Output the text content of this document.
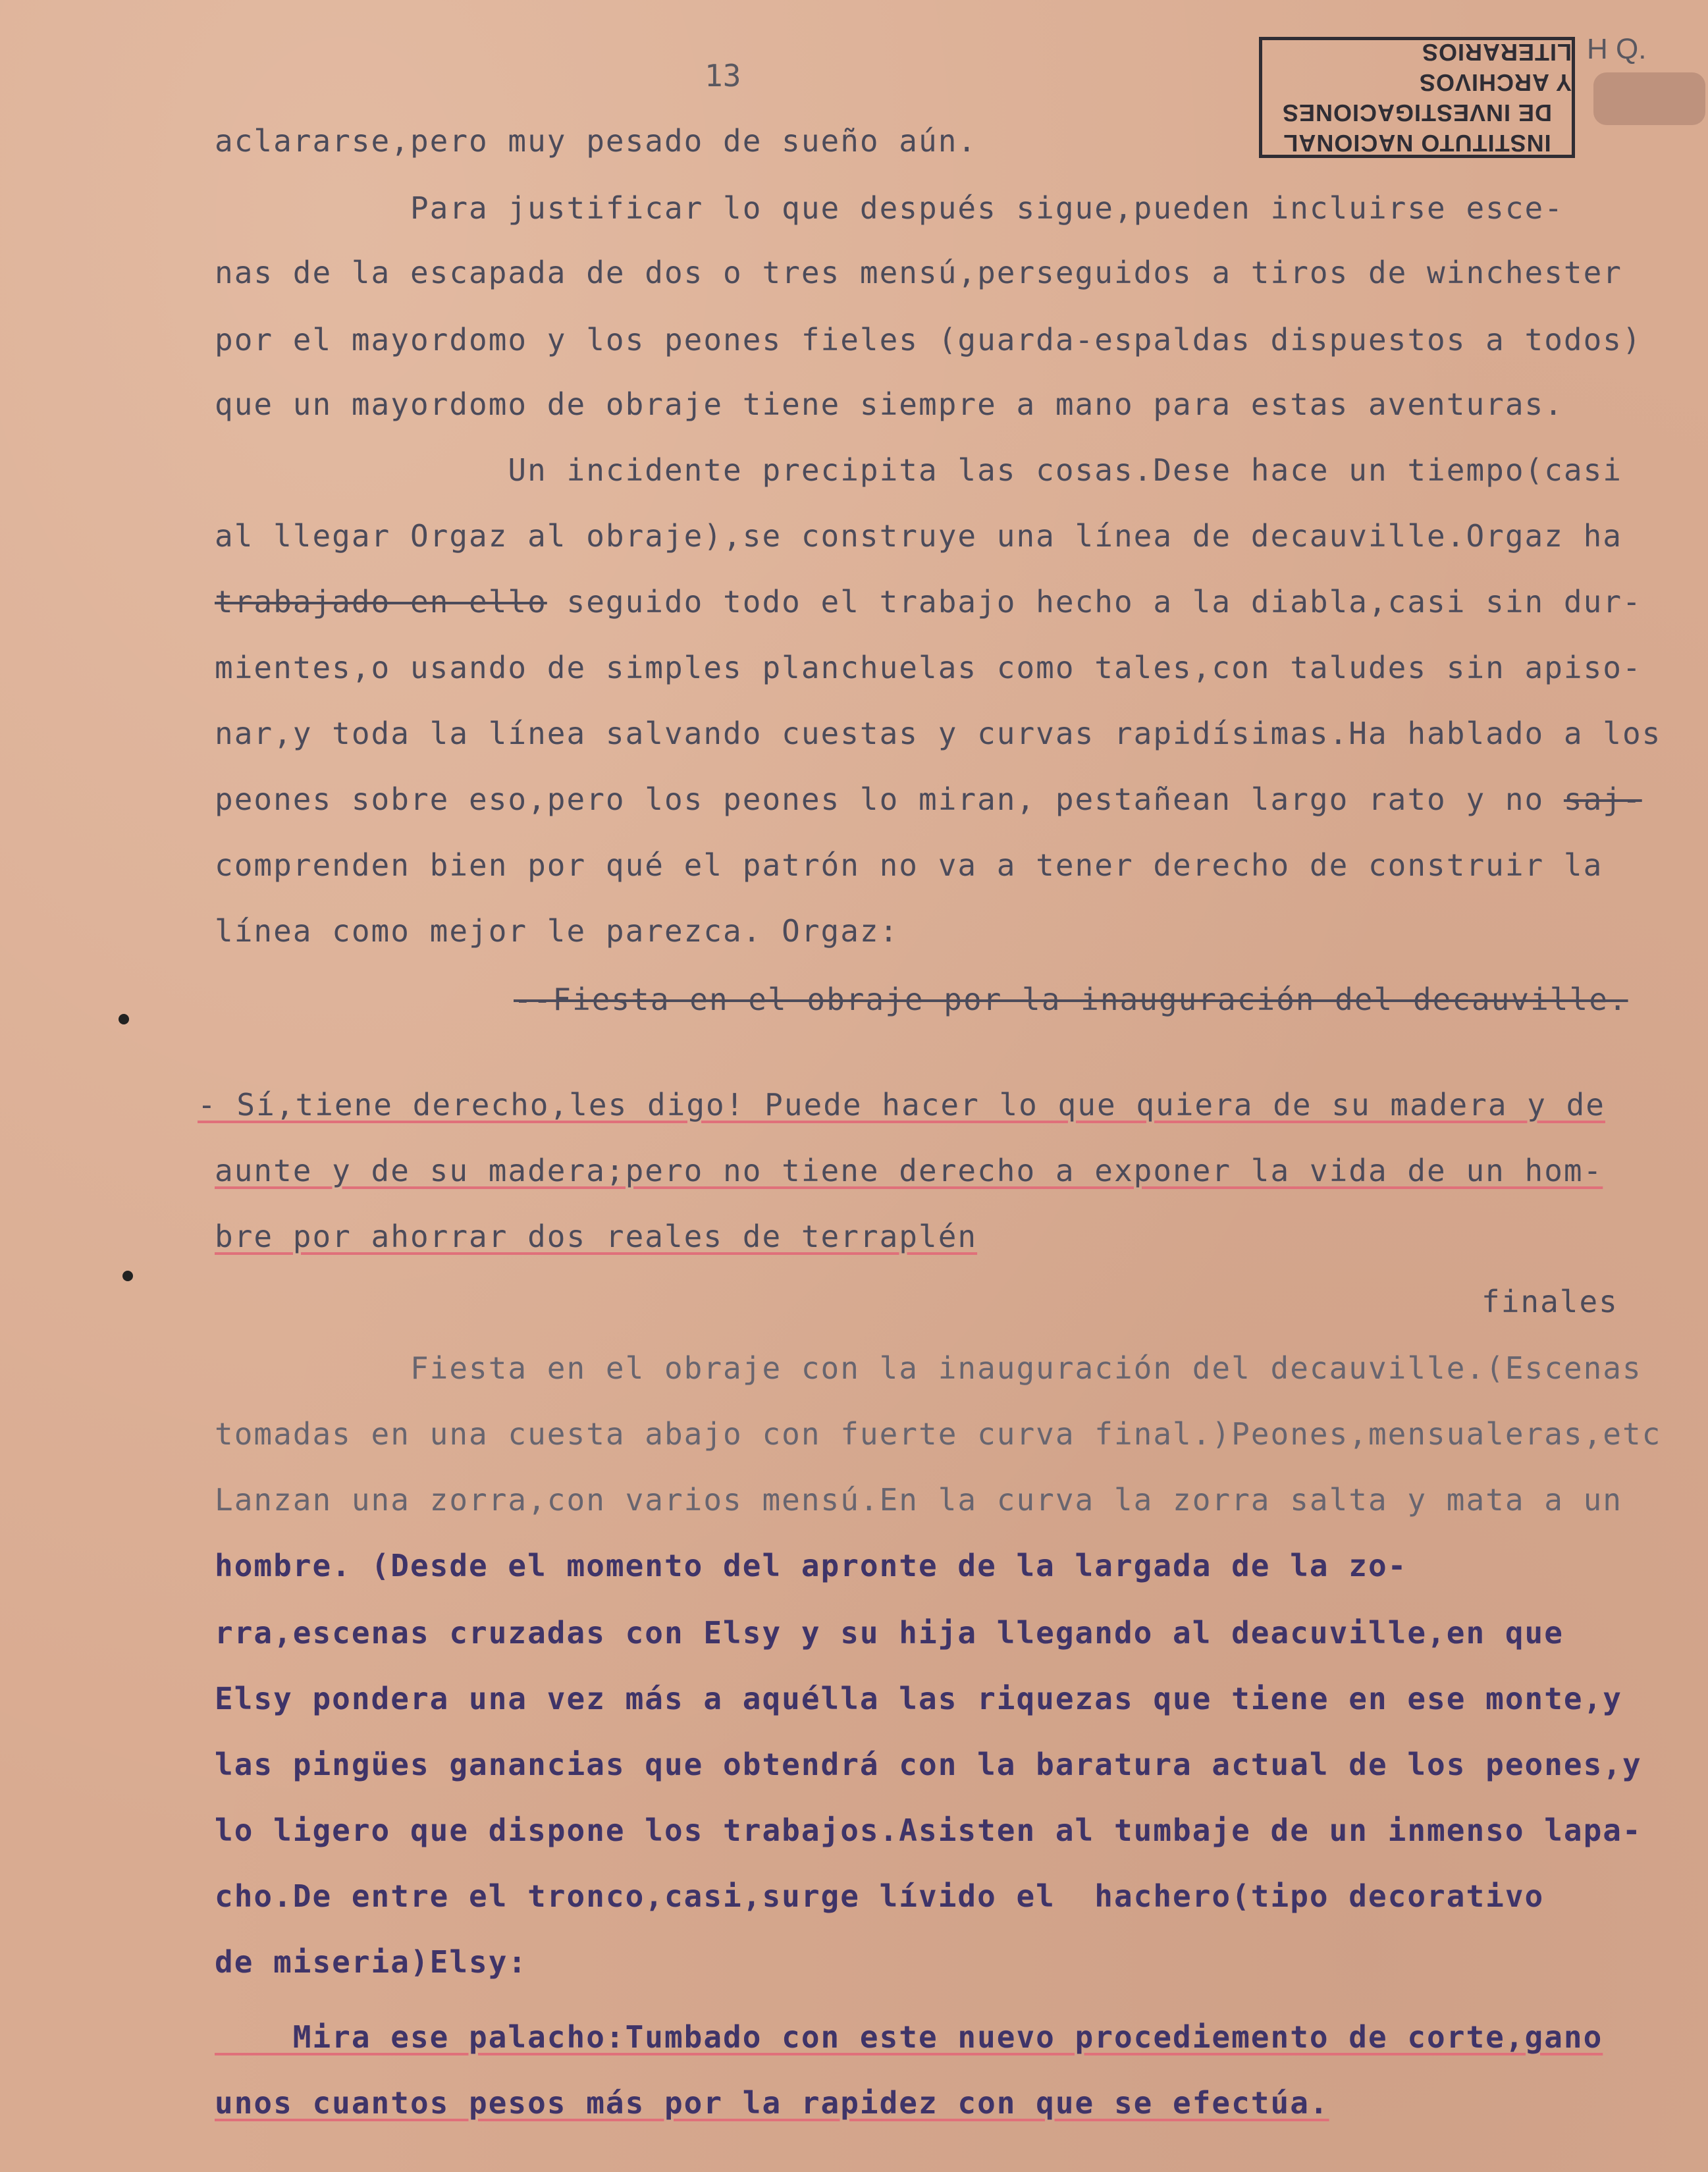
13
INSTITUTO NACIONAL
DE INVESTIGACIONES
Y ARCHIVOS LITERARIOS H Q.
aclararse,pero muy pesado de sueño aún.
Para justificar lo que después sigue,pueden incluirse esce-
nas de la escapada de dos o tres mensú,perseguidos a tiros de winchester
por el mayordomo y los peones fieles (guarda-espaldas dispuestos a todos)
que un mayordomo de obraje tiene siempre a mano para estas aventuras.
Un incidente precipita las cosas.Dese hace un tiempo(casi
al llegar Orgaz al obraje),se construye una línea de decauville.Orgaz ha
trabajado en ello seguido todo el trabajo hecho a la diabla,casi sin dur-
mientes,o usando de simples planchuelas como tales,con taludes sin apiso-
nar,y toda la línea salvando cuestas y curvas rapidísimas.Ha hablado a los
peones sobre eso,pero los peones lo miran, pestañean largo rato y no saj-
comprenden bien por qué el patrón no va a tener derecho de construir la
línea como mejor le parezca. Orgaz:
--Fiesta en el obraje por la inauguración del decauville.
- Sí,tiene derecho,les digo! Puede hacer lo que quiera de su madera y de
aunte y de su madera;pero no tiene derecho a exponer la vida de un hom-
bre por ahorrar dos reales de terraplén
finales
Fiesta en el obraje con la inauguración del decauville.(Escenas
tomadas en una cuesta abajo con fuerte curva final.)Peones,mensualeras,etc
Lanzan una zorra,con varios mensú.En la curva la zorra salta y mata a un
hombre. (Desde el momento del apronte de la largada de la zo-
rra,escenas cruzadas con Elsy y su hija llegando al deacuville,en que
Elsy pondera una vez más a aquélla las riquezas que tiene en ese monte,y
las pingües ganancias que obtendrá con la baratura actual de los peones,y
lo ligero que dispone los trabajos.Asisten al tumbaje de un inmenso lapa-
cho.De entre el tronco,casi,surge lívido el  hachero(tipo decorativo
de miseria)Elsy:
Mira ese palacho:Tumbado con este nuevo procediemento de corte,gano
unos cuantos pesos más por la rapidez con que se efectúa.
